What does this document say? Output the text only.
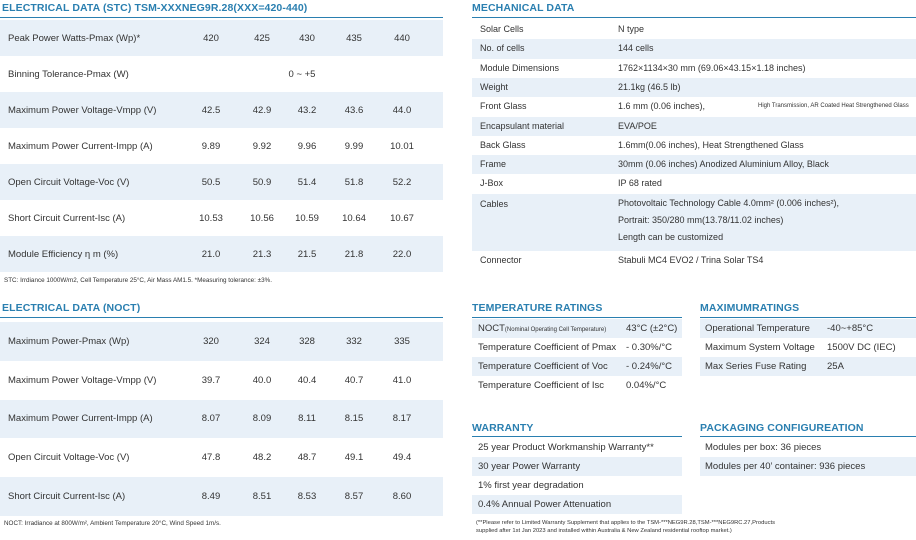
ELECTRICAL DATA (STC) TSM-XXXNEG9R.28(XXX=420-440)
Peak Power Watts-Pmax (Wp)*	420	425	430	435	440
Binning Tolerance-Pmax (W)	0 ~ +5
Maximum Power Voltage-Vmpp (V)	42.5	42.9	43.2	43.6	44.0
Maximum Power Current-Impp (A)	9.89	9.92	9.96	9.99	10.01
Open Circuit Voltage-Voc (V)	50.5	50.9	51.4	51.8	52.2
Short Circuit Current-Isc (A)	10.53	10.56	10.59	10.64	10.67
Module Efficiency η m (%)	21.0	21.3	21.5	21.8	22.0
STC: Irrdiance 1000W/m2, Cell Temperature 25°C, Air Mass AM1.5. *Measuring tolerance: ±3%.
ELECTRICAL DATA (NOCT)
Maximum Power-Pmax (Wp)	320	324	328	332	335
Maximum Power Voltage-Vmpp (V)	39.7	40.0	40.4	40.7	41.0
Maximum Power Current-Impp (A)	8.07	8.09	8.11	8.15	8.17
Open Circuit Voltage-Voc (V)	47.8	48.2	48.7	49.1	49.4
Short Circuit Current-Isc (A)	8.49	8.51	8.53	8.57	8.60
NOCT: Irradiance at 800W/m², Ambient Temperature 20°C, Wind Speed 1m/s.
MECHANICAL DATA
Solar Cells	N type
No. of cells	144 cells
Module Dimensions	1762×1134×30 mm (69.06×43.15×1.18 inches)
Weight	21.1kg (46.5 lb)
Front Glass	1.6 mm (0.06 inches),	High Transmission, AR Coated Heat Strengthened Glass
Encapsulant material	EVA/POE
Back Glass	1.6mm(0.06 inches), Heat Strengthened Glass
Frame	30mm (0.06 inches) Anodized Aluminium Alloy, Black
J-Box	IP 68 rated
Cables	Photovoltaic Technology Cable 4.0mm² (0.006 inches²),
Portrait: 350/280 mm(13.78/11.02 inches)
Length can be customized
Connector	Stabuli MC4 EVO2 / Trina Solar TS4
TEMPERATURE RATINGS
NOCT(Nominal Operating Cell Temperature) 43°C (±2°C)
Temperature Coefficient of Pmax - 0.30%/°C
Temperature Coefficient of Voc - 0.24%/°C
Temperature Coefficient of Isc 0.04%/°C
MAXIMUMRATINGS
Operational Temperature -40~+85°C
Maximum System Voltage 1500V DC (IEC)
Max Series Fuse Rating 25A
WARRANTY
25 year Product Workmanship Warranty**
30 year Power Warranty
1% first year degradation
0.4% Annual Power Attenuation
(**Please refer to Limited Warranty Supplement that applies to the TSM-***NEG9R.28,TSM-***NEG9RC.27,Products
supplied after 1st Jan 2023 and installed within Australia & New Zealand residential rooftop market.)
PACKAGING CONFIGUREATION
Modules per box: 36 pieces
Modules per 40’ container: 936 pieces
